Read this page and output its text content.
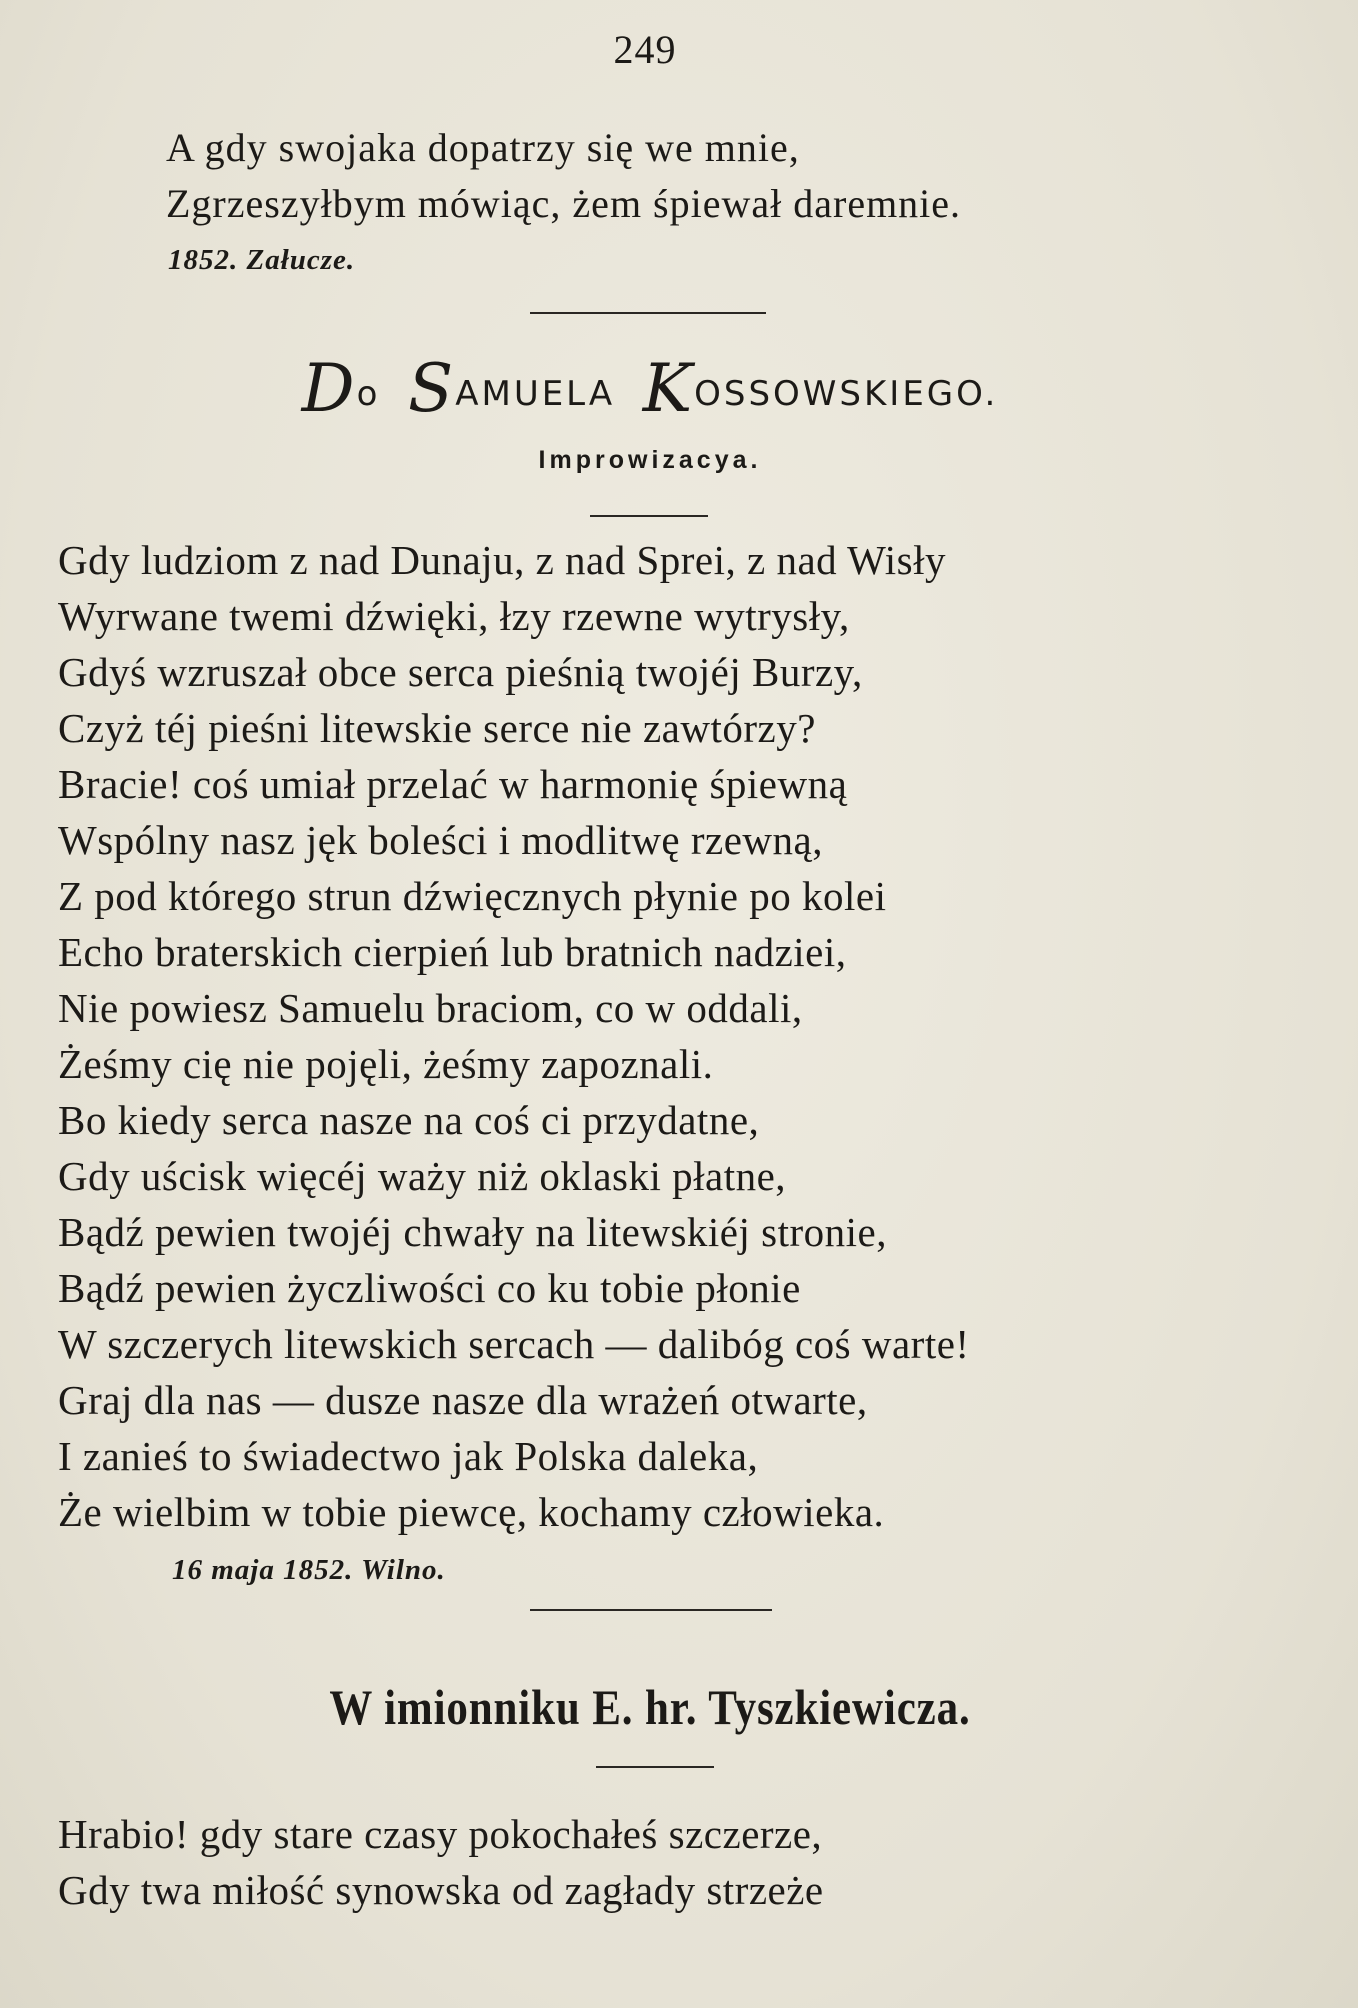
249
A gdy swojaka dopatrzy się we mnie,
Zgrzeszyłbym mówiąc, żem śpiewał daremnie.
1852. Załucze.
Do SAMUELA KOSSOWSKIEGO.
Improwizacya.
Gdy ludziom z nad Dunaju, z nad Sprei, z nad Wisły
Wyrwane twemi dźwięki, łzy rzewne wytrysły,
Gdyś wzruszał obce serca pieśnią twojéj Burzy,
Czyż téj pieśni litewskie serce nie zawtórzy?
Bracie! coś umiał przelać w harmonię śpiewną
Wspólny nasz jęk boleści i modlitwę rzewną,
Z pod którego strun dźwięcznych płynie po kolei
Echo braterskich cierpień lub bratnich nadziei,
Nie powiesz Samuelu braciom, co w oddali,
Żeśmy cię nie pojęli, żeśmy zapoznali.
Bo kiedy serca nasze na coś ci przydatne,
Gdy uścisk więcéj waży niż oklaski płatne,
Bądź pewien twojéj chwały na litewskiéj stronie,
Bądź pewien życzliwości co ku tobie płonie
W szczerych litewskich sercach — dalibóg coś warte!
Graj dla nas — dusze nasze dla wrażeń otwarte,
I zanieś to świadectwo jak Polska daleka,
Że wielbim w tobie piewcę, kochamy człowieka.
16 maja 1852. Wilno.
W imionniku E. hr. Tyszkiewicza.
Hrabio! gdy stare czasy pokochałeś szczerze,
Gdy twa miłość synowska od zagłady strzeże
